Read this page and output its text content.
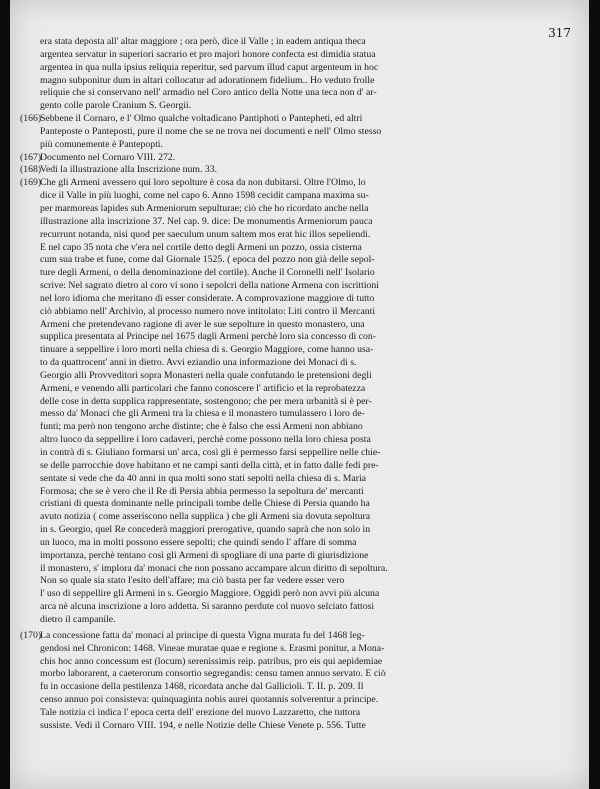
317
era stata deposta all' altar maggiore ; ora però, dice il Valle ; in eadem antiqua theca
argentea servatur in superiori sacrario et pro majori honore confecta est dimidia statua
argentea in qua nulla ipsius reliquia reperitur, sed parvum illud caput argenteum in hoc
magno subponitur dum in altari collocatur ad adorationem fidelium.. Ho veduto frolle
reliquie che si conservano nell' armadio nel Coro antico della Notte una teca non d' ar-
gento colle parole Cranium S. Georgii.
(166)Sebbene il Cornaro, e l' Olmo qualche voltadicano Pantiphoti o Pantepheti, ed altri
Panteposte o Panteposti, pure il nome che se ne trova nei documenti e nell' Olmo stesso
più comunemente è Pantepopti.
(167)Documento nel Cornaro VIII. 272.
(168)Vedi la illustrazione alla Inscrizione num. 33.
(169)Che gli Armeni avessero qui loro sepolture è cosa da non dubitarsi. Oltre l'Olmo, lo
dice il Valle in più luoghi, come nel capo 6. Anno 1598 cecidit campana maxima su-
per marmoreas lapides sub Armeniorum sepulturae; ciò che ho ricordato anche nella
illustrazione alla inscrizione 37. Nel cap. 9. dice: De monumentis Armeniorum pauca
recurrunt notanda, nisi quod per saeculum unum saltem mos erat hic illos sepeliendi.
E nel capo 35 nota che v'era nel cortile detto degli Armeni un pozzo, ossia cisterna
cum sua trabe et fune, come dal Giornale 1525. ( epoca del pozzo non già delle sepol-
ture degli Armeni, o della denominazione del cortile). Anche il Coronelli nell' Isolario
scrive: Nel sagrato dietro al coro vi sono i sepolcri della natione Armena con iscrittioni
nel loro idioma che meritano di esser considerate. A comprovazione maggiore di tutto
ciò abbiamo nell' Archivio, al processo numero nove intitolato: Liti contro il Mercanti
Armeni che pretendevano ragione di aver le sue sepolture in questo monastero, una
supplica presentata al Principe nel 1675 dagli Armeni perchè loro sia concesso di con-
tinuare a seppellire i loro morti nella chiesa di s. Georgio Maggiore, come hanno usa-
to da quattrocent' anni in dietro. Avvi eziandio una informazione dei Monaci di s.
Georgio alli Provveditori sopra Monasteri nella quale confutando le pretensioni degli
Armeni, e venendo alli particolari che fanno conoscere l' artificio et la reprobatezza
delle cose in detta supplica rappresentate, sostengono; che per mera urbanità si è per-
messo da' Monaci che gli Armeni tra la chiesa e il monastero tumulassero i loro de-
funti; ma però non tengono arche distinte; che è falso che essi Armeni non abbiano
altro luoco da seppellire i loro cadaveri, perchè come possono nella loro chiesa posta
in contrà di s. Giuliano formarsi un' arca, così gli è permesso farsi seppellire nelle chie-
se delle parrocchie dove habitano et ne campi santi della città, et in fatto dalle fedi pre-
sentate si vede che da 40 anni in qua molti sono stati sepolti nella chiesa di s. Maria
Formosa; che se è vero che il Re di Persia abbia permesso la sepoltura de' mercanti
cristiani di questa dominante nelle principali tombe delle Chiese di Persia quando ha
avuto notizia ( come asseriscono nella supplica ) che gli Armeni sia dovuta sepoltura
in s. Georgio, quel Re concederà maggiori prerogative, quando saprà che non solo in
un luoco, ma in molti possono essere sepolti; che quindi sendo l' affare di somma
importanza, perchè tentano così gli Armeni di spogliare di una parte di giurisdizione
il monastero, s' implora da' monaci che non possano accampare alcun diritto di sepoltura.
Non so quale sia stato l'esito dell'affare; ma ciò basta per far vedere esser vero
l' uso di seppellire gli Armeni in s. Georgio Maggiore. Oggidì però non avvi più alcuna
arca nè alcuna inscrizione a loro addetta. Si saranno perdute col nuovo selciato fattosi
dietro il campanile.
(170)La concessione fatta da' monaci al principe di questa Vigna murata fu del 1468 leg-
gendosi nel Chronicon: 1468. Vineae muratae quae e regione s. Erasmi ponitur, a Mona-
chis hoc anno concessum est (locum) serenissimis reip. patribus, pro eis qui aepidemiae
morbo laborarent, a caeterorum consortio segregandis: censu tamen annuo servato. E ciò
fu in occasione della pestilenza 1468, ricordata anche dal Gallicioli. T. II. p. 209. Il
censo annuo poi consisteva: quinquaginta nobis aurei quotannis solverentur a principe.
Tale notizia ci indica l' epoca certa dell' erezione del nuovo Lazzaretto, che tuttora
sussiste. Vedi il Cornaro VIII. 194, e nelle Notizie delle Chiese Venete p. 556. Tutte
